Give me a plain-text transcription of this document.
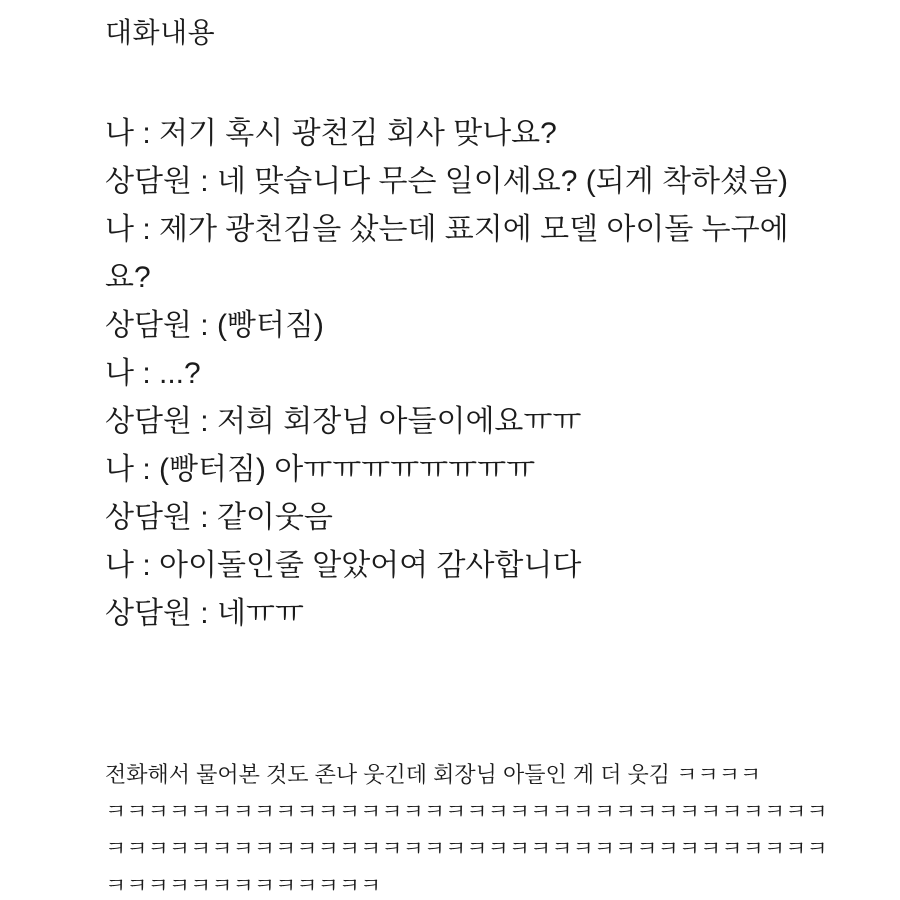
대화내용
나 : 저기 혹시 광천김 회사 맞나요?
상담원 : 네 맞습니다 무슨 일이세요? (되게 착하셨음)
나 : 제가 광천김을 샀는데 표지에 모델 아이돌 누구에
요?
상담원 : (빵터짐)
나 : ...?
상담원 : 저희 회장님 아들이에요ㅠㅠ
나 : (빵터짐) 아ㅠㅠㅠㅠㅠㅠㅠㅠ
상담원 : 같이웃음
나 : 아이돌인줄 알았어여 감사합니다
상담원 : 네ㅠㅠ
전화해서 물어본 것도 존나 웃긴데 회장님 아들인 게 더 웃김 ㅋㅋㅋㅋ
ㅋㅋㅋㅋㅋㅋㅋㅋㅋㅋㅋㅋㅋㅋㅋㅋㅋㅋㅋㅋㅋㅋㅋㅋㅋㅋㅋㅋㅋㅋㅋㅋㅋㅋ
ㅋㅋㅋㅋㅋㅋㅋㅋㅋㅋㅋㅋㅋㅋㅋㅋㅋㅋㅋㅋㅋㅋㅋㅋㅋㅋㅋㅋㅋㅋㅋㅋㅋㅋ
ㅋㅋㅋㅋㅋㅋㅋㅋㅋㅋㅋㅋㅋ
